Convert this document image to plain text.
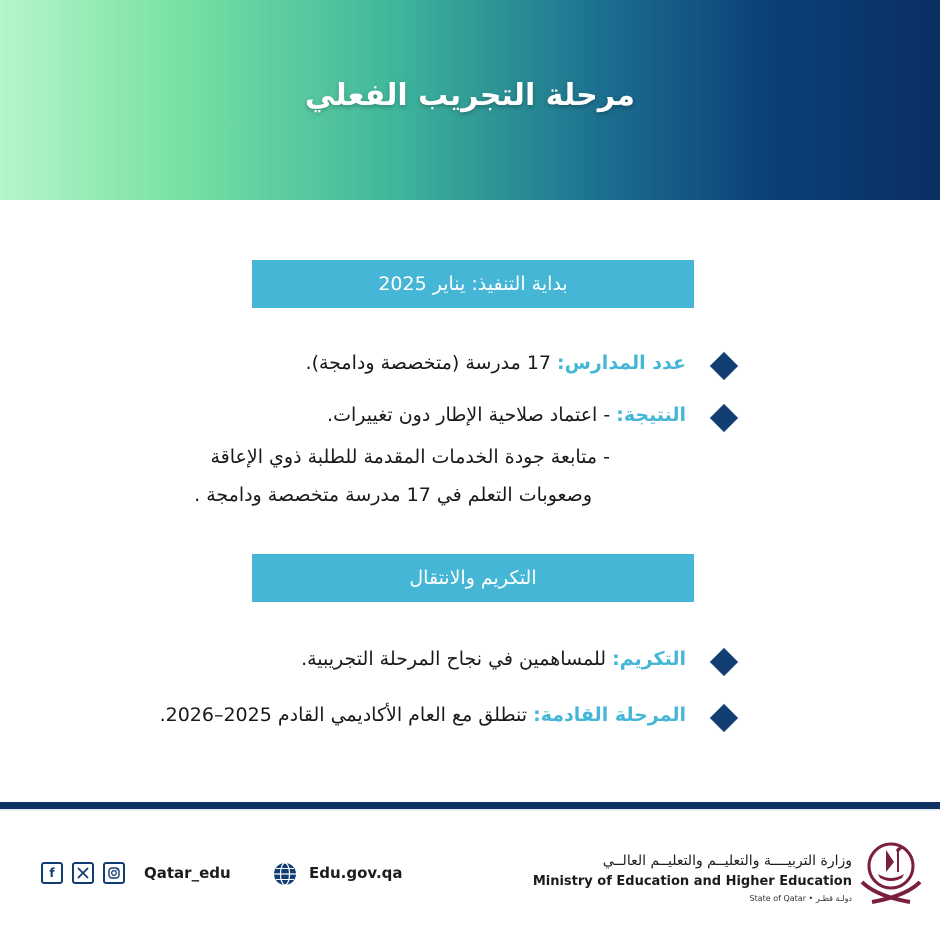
مرحلة التجريب الفعلي
بداية التنفيذ: يناير 2025
عدد المدارس: 17 مدرسة (متخصصة ودامجة).
النتيجة: - اعتماد صلاحية الإطار دون تغييرات.
- متابعة جودة الخدمات المقدمة للطلبة ذوي الإعاقة
وصعوبات التعلم في 17 مدرسة متخصصة ودامجة .
التكريم والانتقال
التكريم: للمساهمين في نجاح المرحلة التجريبية.
المرحلة القادمة: تنطلق مع العام الأكاديمي القادم 2025–2026.
f	Qatar_edu	Edu.gov.qa
وزارة التربيــــة والتعليــم والتعليــم العالــي
Ministry of Education and Higher Education
State of Qatar • دولـة قطـر
